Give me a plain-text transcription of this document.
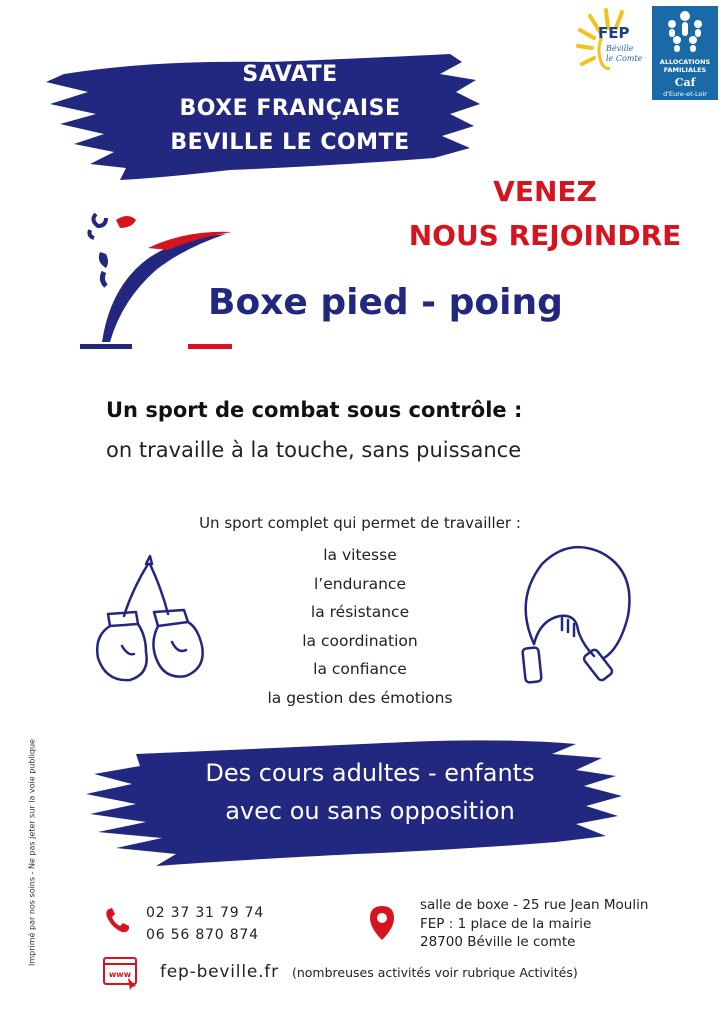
FEP
Béville
le Comte	ALLOCATIONS
FAMILIALES
Caf
d'Eure-et-Loir
SAVATE
BOXE FRANÇAISE
BEVILLE LE COMTE
VENEZ
NOUS REJOINDRE
Boxe pied - poing
Un sport de combat sous contrôle :
on travaille à la touche, sans puissance
Un sport complet qui permet de travailler :
la vitesse
l’endurance
la résistance
la coordination
la confiance
la gestion des émotions
Des cours adultes - enfants
avec ou sans opposition
Imprimé par nos soins - Ne pas jeter sur la voie publique	02 37 31 79 74
06 56 870 874
salle de boxe - 25 rue Jean Moulin
FEP : 1 place de la mairie
28700 Béville le comte
www fep-beville.fr (nombreuses activités voir rubrique Activités)
